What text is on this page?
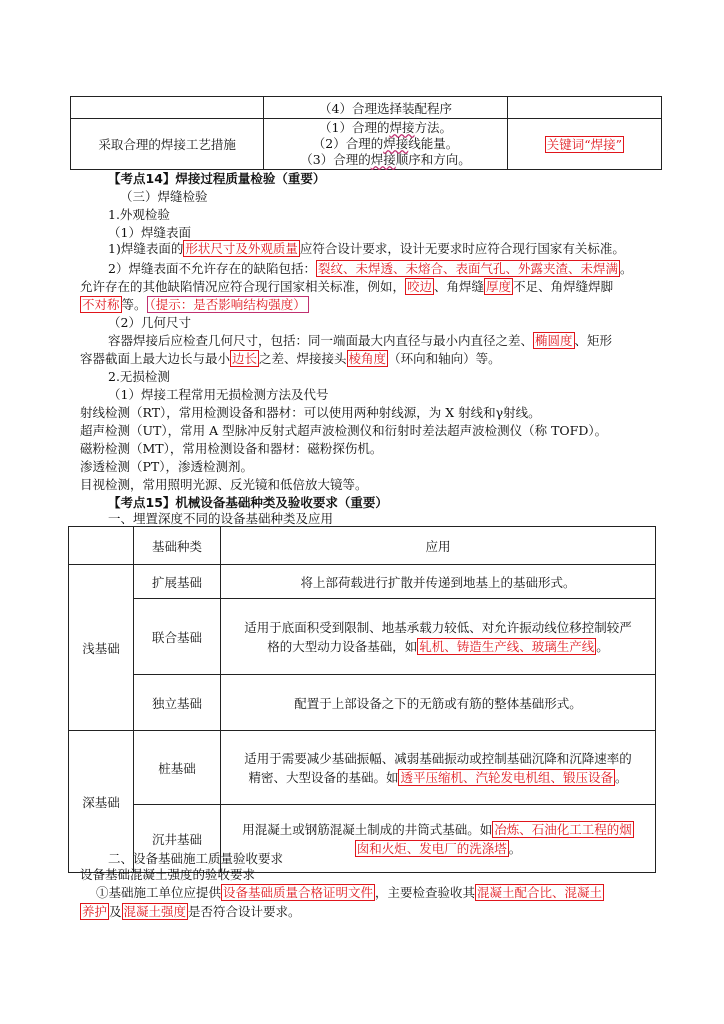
	（4）合理选择装配程序	
采取合理的焊接工艺措施	（1）合理的焊接方法。
（2）合理的焊接线能量。
（3）合理的焊接顺序和方向。	关键词“焊接”
【考点14】焊接过程质量检验（重要）
（三）焊缝检验
1.外观检验
（1）焊缝表面
1)焊缝表面的 形状尺寸及外观质量 应符合设计要求，设计无要求时应符合现行国家有关标准。
2）焊缝表面不允许存在的缺陷包括： 裂纹、未焊透、未熔合、表面气孔、外露夹渣、未焊满 。
允许存在的其他缺陷情况应符合现行国家相关标准，例如， 咬边 、角焊缝 厚度 不足、角焊缝焊脚
不对称 等。 （提示：是否影响结构强度）
（2）几何尺寸
容器焊接后应检查几何尺寸，包括：同一端面最大内直径与最小内直径之差、 椭圆度 、矩形
容器截面上最大边长与最小 边长 之差、焊接接头 棱角度 （环向和轴向）等。
2.无损检测
（1）焊接工程常用无损检测方法及代号
射线检测（RT），常用检测设备和器材：可以使用两种射线源，为 X 射线和γ射线。
超声检测（UT），常用 A 型脉冲反射式超声波检测仪和衍射时差法超声波检测仪（称 TOFD）。
磁粉检测（MT），常用检测设备和器材：磁粉探伤机。
渗透检测（PT），渗透检测剂。
目视检测，常用照明光源、反光镜和低倍放大镜等。
【考点15】机械设备基础种类及验收要求（重要）
一、埋置深度不同的设备基础种类及应用
	基础种类	应用
浅基础	扩展基础	将上部荷载进行扩散并传递到地基上的基础形式。
	联合基础	适用于底面积受到限制、地基承载力较低、对允许振动线位移控制较严
格的大型动力设备基础，如 轧机、铸造生产线、玻璃生产线 。

	独立基础	配置于上部设备之下的无筋或有筋的整体基础形式。
深基础	桩基础	适用于需要减少基础振幅、减弱基础振动或控制基础沉降和沉降速率的
精密、大型设备的基础。如 透平压缩机、汽轮发电机组、锻压设备 。

	沉井基础	用混凝土或钢筋混凝土制成的井筒式基础。如 冶炼、石油化工工程的烟
囱和火炬、发电厂的洗涤塔 。
二、设备基础施工质量验收要求
设备基础混凝土强度的验收要求
①基础施工单位应提供 设备基础质量合格证明文件 ，主要检查验收其 混凝土配合比、混凝土
养护 及 混凝土强度 是否符合设计要求。
